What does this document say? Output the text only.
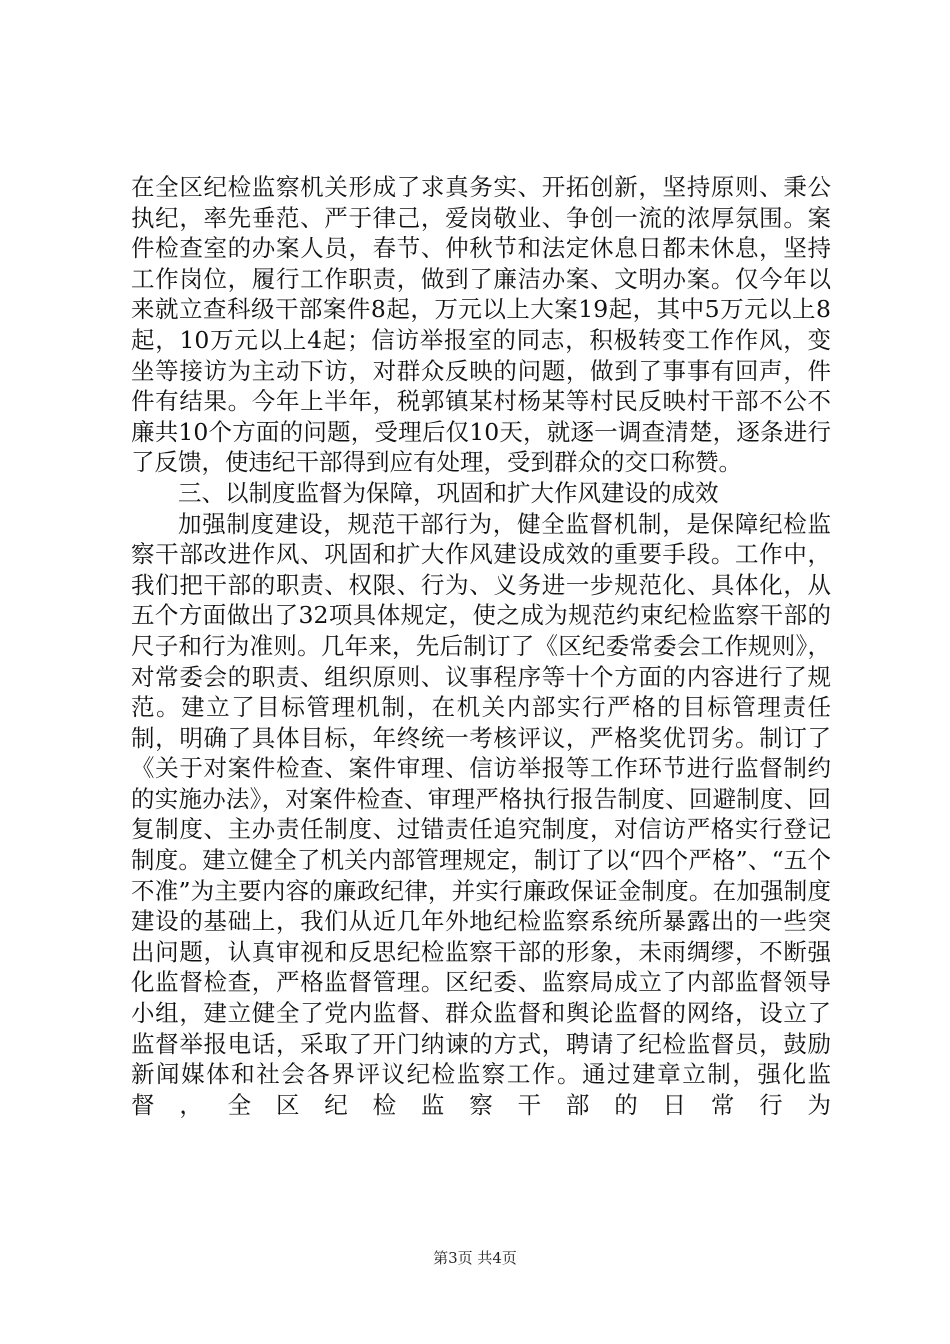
在全区纪检监察机关形成了求真务实、开拓创新，坚持原则、秉公执纪，率先垂范、严于律己，爱岗敬业、争创一流的浓厚氛围。案件检查室的办案人员，春节、仲秋节和法定休息日都未休息，坚持工作岗位，履行工作职责，做到了廉洁办案、文明办案。仅今年以来就立查科级干部案件8起，万元以上大案19起，其中5万元以上8起，10万元以上4起；信访举报室的同志，积极转变工作作风，变坐等接访为主动下访，对群众反映的问题，做到了事事有回声，件件有结果。今年上半年，税郭镇某村杨某等村民反映村干部不公不廉共10个方面的问题，受理后仅10天，就逐一调查清楚，逐条进行了反馈，使违纪干部得到应有处理，受到群众的交口称赞。

三、以制度监督为保障，巩固和扩大作风建设的成效

加强制度建设，规范干部行为，健全监督机制，是保障纪检监察干部改进作风、巩固和扩大作风建设成效的重要手段。工作中，我们把干部的职责、权限、行为、义务进一步规范化、具体化，从五个方面做出了32项具体规定，使之成为规范约束纪检监察干部的尺子和行为准则。几年来，先后制订了《区纪委常委会工作规则》，对常委会的职责、组织原则、议事程序等十个方面的内容进行了规范。建立了目标管理机制，在机关内部实行严格的目标管理责任制，明确了具体目标，年终统一考核评议，严格奖优罚劣。制订了《关于对案件检查、案件审理、信访举报等工作环节进行监督制约的实施办法》，对案件检查、审理严格执行报告制度、回避制度、回复制度、主办责任制度、过错责任追究制度，对信访严格实行登记制度。建立健全了机关内部管理规定，制订了以“四个严格”、“五个不准”为主要内容的廉政纪律，并实行廉政保证金制度。在加强制度建设的基础上，我们从近几年外地纪检监察系统所暴露出的一些突出问题，认真审视和反思纪检监察干部的形象，未雨绸缪，不断强化监督检查，严格监督管理。区纪委、监察局成立了内部监督领导小组，建立健全了党内监督、群众监督和舆论监督的网络，设立了监督举报电话，采取了开门纳谏的方式，聘请了纪检监督员，鼓励新闻媒体和社会各界评议纪检监察工作。通过建章立制，强化监督，全区纪检监察干部的日常行为

第3页 共4页
